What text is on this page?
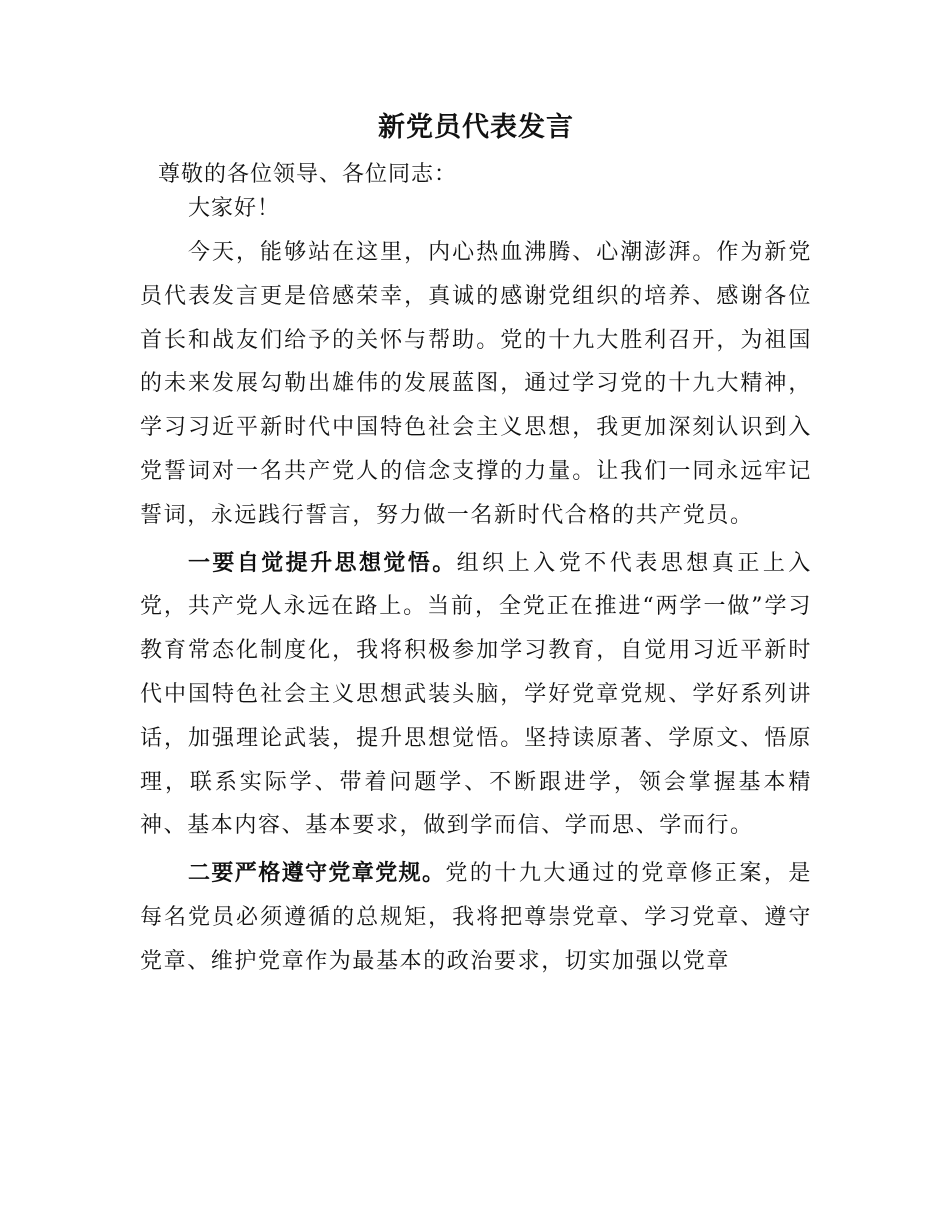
新党员代表发言

尊敬的各位领导、各位同志：

大家好！

今天，能够站在这里，内心热血沸腾、心潮澎湃。作为新党员代表发言更是倍感荣幸，真诚的感谢党组织的培养、感谢各位首长和战友们给予的关怀与帮助。党的十九大胜利召开，为祖国的未来发展勾勒出雄伟的发展蓝图，通过学习党的十九大精神，学习习近平新时代中国特色社会主义思想，我更加深刻认识到入党誓词对一名共产党人的信念支撑的力量。让我们一同永远牢记誓词，永远践行誓言，努力做一名新时代合格的共产党员。

一要自觉提升思想觉悟。组织上入党不代表思想真正上入党，共产党人永远在路上。当前，全党正在推进“两学一做”学习教育常态化制度化，我将积极参加学习教育，自觉用习近平新时代中国特色社会主义思想武装头脑，学好党章党规、学好系列讲话，加强理论武装，提升思想觉悟。坚持读原著、学原文、悟原理，联系实际学、带着问题学、不断跟进学，领会掌握基本精神、基本内容、基本要求，做到学而信、学而思、学而行。

二要严格遵守党章党规。党的十九大通过的党章修正案，是每名党员必须遵循的总规矩，我将把尊崇党章、学习党章、遵守党章、维护党章作为最基本的政治要求，切实加强以党章
